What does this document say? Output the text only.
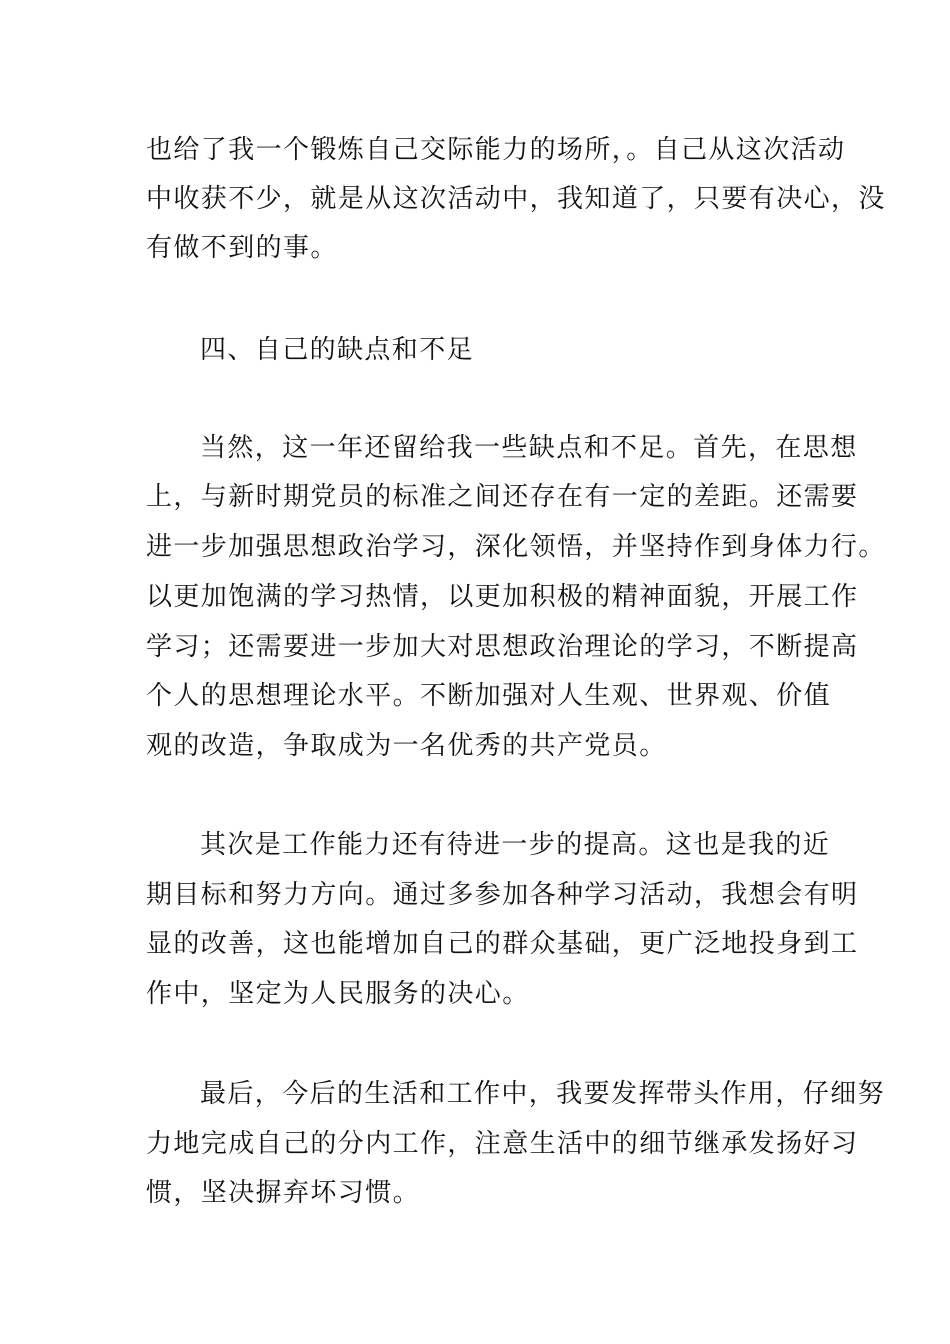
也给了我一个锻炼自己交际能力的场所，。自己从这次活动
中收获不少，就是从这次活动中，我知道了，只要有决心，没
有做不到的事。
四、自己的缺点和不足
当然，这一年还留给我一些缺点和不足。首先，在思想
上，与新时期党员的标准之间还存在有一定的差距。还需要
进一步加强思想政治学习，深化领悟，并坚持作到身体力行。
以更加饱满的学习热情，以更加积极的精神面貌，开展工作
学习；还需要进一步加大对思想政治理论的学习，不断提高
个人的思想理论水平。不断加强对人生观、世界观、价值
观的改造，争取成为一名优秀的共产党员。
其次是工作能力还有待进一步的提高。这也是我的近
期目标和努力方向。通过多参加各种学习活动，我想会有明
显的改善，这也能增加自己的群众基础，更广泛地投身到工
作中，坚定为人民服务的决心。
最后，今后的生活和工作中，我要发挥带头作用，仔细努
力地完成自己的分内工作，注意生活中的细节继承发扬好习
惯，坚决摒弃坏习惯。
